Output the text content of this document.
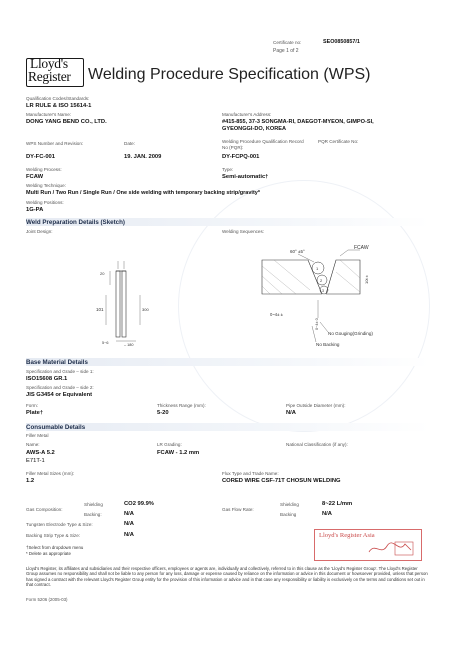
Certificate no:	SEO0850857/1
Page 1 of 2
Lloyd's
Register Welding Procedure Specification (WPS)
Qualification Codes/Standards:
LR RULE & ISO 15614-1
Manufacturer's Name:
DONG YANG BEND CO., LTD.
Manufacturer's Address:
#415-855, 37-3 SONGMA-RI, DAEGOT-MYEON, GIMPO-SI,
GYEONGGI-DO, KOREA
WPS Number and Revision:	Date:	Welding Procedure Qualification Record
No (PQR):
PQR Certificate No:
DY-FC-001	19. JAN. 2009	DY-FCPQ-001
Welding Process:	Type:
FCAW	Semi-automatic†
Welding Technique:
Multi Run / Two Run / Single Run / One side welding with temporary backing strip/gravity*
Welding Positions:
1G-PA
Weld Preparation Details (Sketch)
Joint Design:	Welding Sequences:
20
101	300
5~6	– 180
60° ±5°
FCAW
10t ±
1
2
3
0~4± ±
0~4± 0
No Gouging(Grinding)
No Backing
Base Material Details
Specification and Grade – side 1:
ISO15608 GR.1
Specification and Grade – side 2:
JIS G3454 or Equivalent
Form:
Plate†
Thickness Range (mm):
5-20
Pipe Outside Diameter (mm):
N/A
Consumable Details
Filler Metal
Name:
AWS-A 5.2
E71T-1
LR Grading:
FCAW - 1.2 mm
National Classification (if any):
Filler Metal Sizes (mm):
1.2
Flux Type and Trade Name:
CORED WIRE CSF-71T CHOSUN WELDING
Gas Composition:
Shielding	CO2 99.9%
Backing:	N/A
Gas Flow Rate:
Shielding	8~22 L/mm
Backing	N/A
Tungsten Electrode Type & Size:	N/A
Backing Strip Type & Size:	N/A	Lloyd's Register Asia
†Select from dropdown menu
* Delete as appropriate
Lloyd's Register, its affiliates and subsidiaries and their respective officers, employees or agents are, individually and collectively, referred to in this clause as the 'Lloyd's Register Group'. The Lloyd's Register Group assumes no responsibility and shall not be liable to any person for any loss, damage or expense caused by reliance on the information or advice in this document or howsoever provided, unless that person has signed a contract with the relevant Lloyd's Register Group entity for the provision of this information or advice and in that case any responsibility or liability is exclusively on the terms and conditions set out in that contract.
Form 5206 (2005-03)
